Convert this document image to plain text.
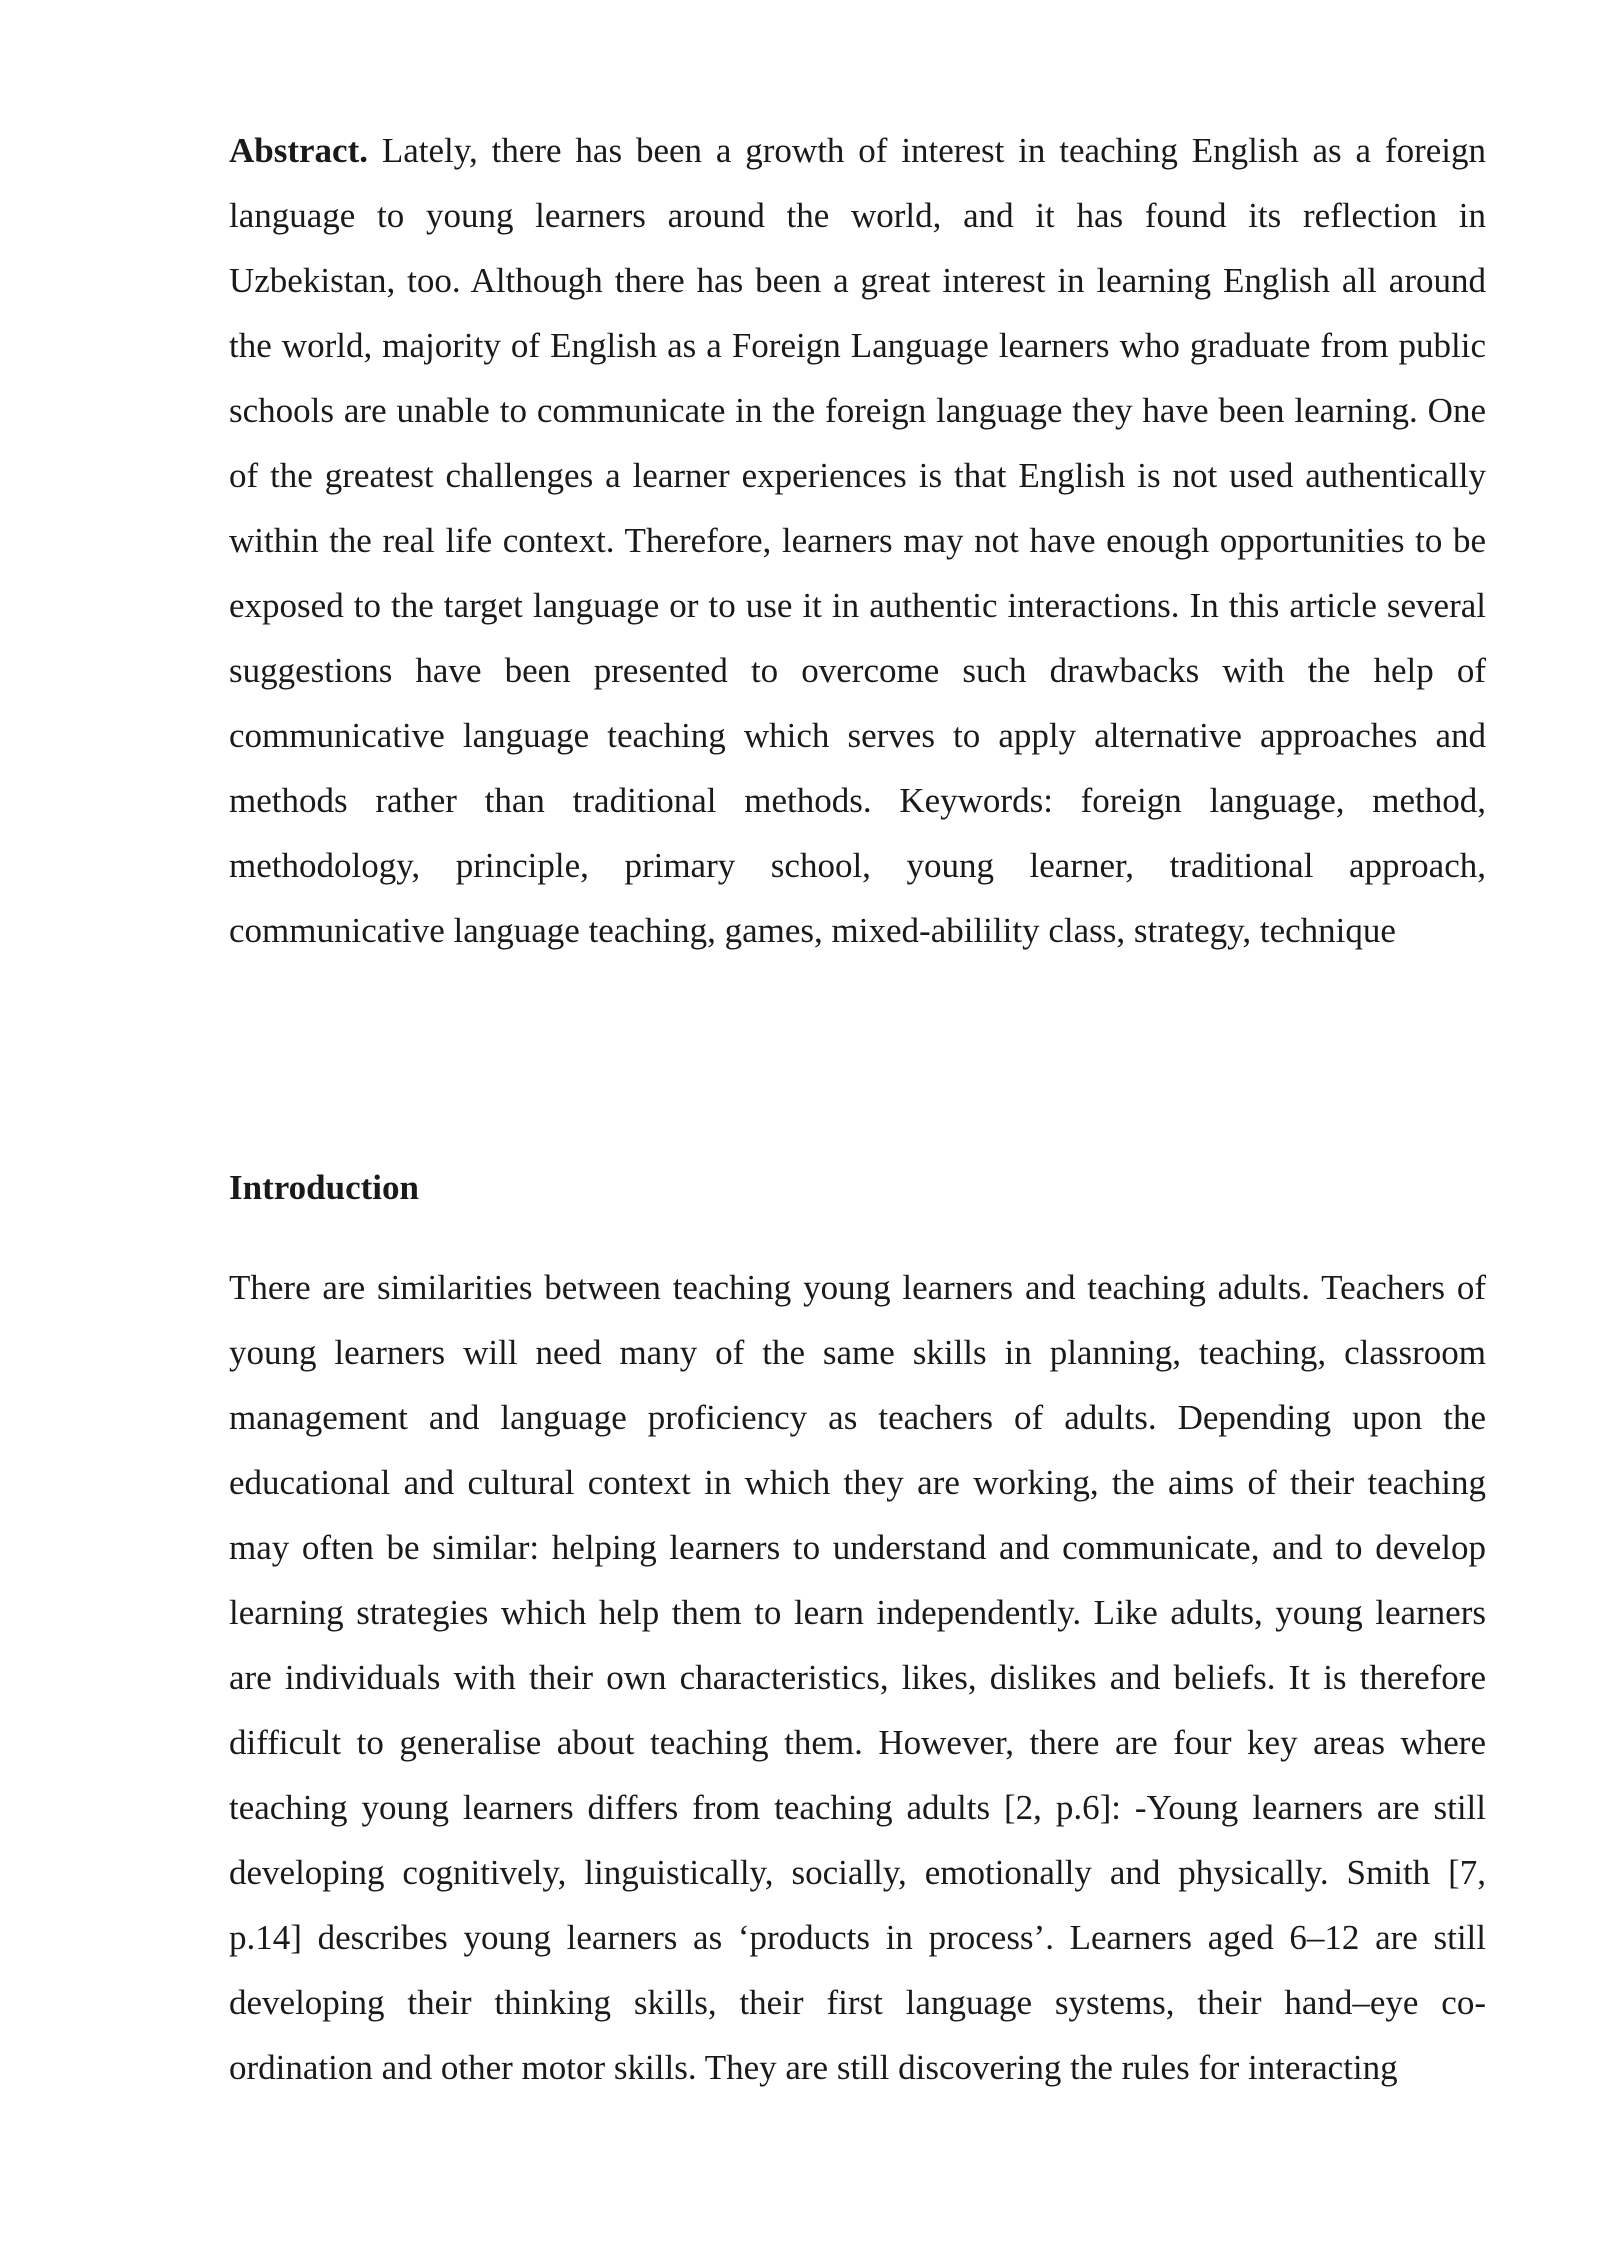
Abstract. Lately, there has been a growth of interest in teaching English as a foreign language to young learners around the world, and it has found its reflection in Uzbekistan, too. Although there has been a great interest in learning English all around the world, majority of English as a Foreign Language learners who graduate from public schools are unable to communicate in the foreign language they have been learning. One of the greatest challenges a learner experiences is that English is not used authentically within the real life context. Therefore, learners may not have enough opportunities to be exposed to the target language or to use it in authentic interactions. In this article several suggestions have been presented to overcome such drawbacks with the help of communicative language teaching which serves to apply alternative approaches and methods rather than traditional methods. Keywords: foreign language, method, methodology, principle, primary school, young learner, traditional approach, communicative language teaching, games, mixed-abilility class, strategy, technique

Introduction

There are similarities between teaching young learners and teaching adults. Teachers of young learners will need many of the same skills in planning, teaching, classroom management and language proficiency as teachers of adults. Depending upon the educational and cultural context in which they are working, the aims of their teaching may often be similar: helping learners to understand and communicate, and to develop learning strategies which help them to learn independently. Like adults, young learners are individuals with their own characteristics, likes, dislikes and beliefs. It is therefore difficult to generalise about teaching them. However, there are four key areas where teaching young learners differs from teaching adults [2, p.6]: -Young learners are still developing cognitively, linguistically, socially, emotionally and physically. Smith [7, p.14] describes young learners as ‘products in process’. Learners aged 6–12 are still developing their thinking skills, their first language systems, their hand–eye co-ordination and other motor skills. They are still discovering the rules for interacting
